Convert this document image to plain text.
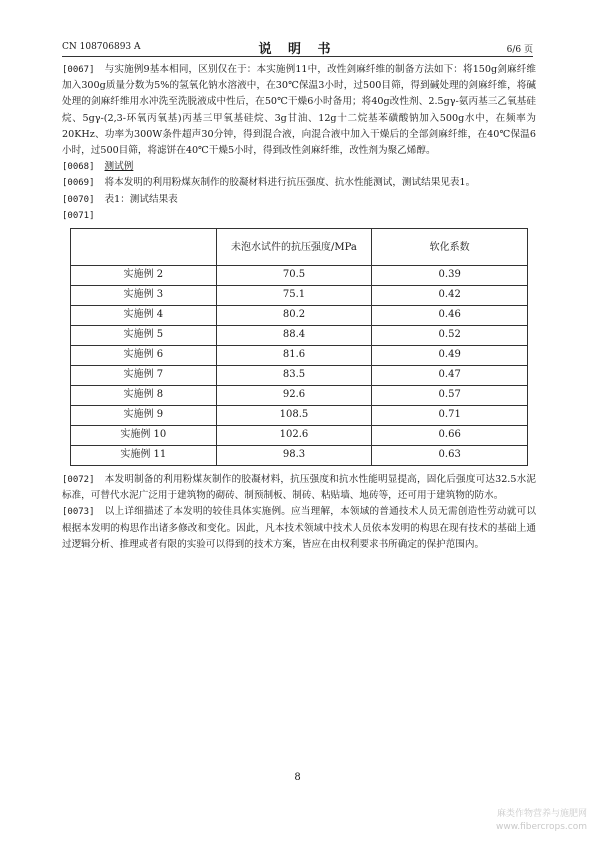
CN 108706893 A	说 明 书	6/6 页

[0067] 与实施例9基本相同，区别仅在于：本实施例11中，改性剑麻纤维的制备方法如下：将150g剑麻纤维加入300g质量分数为5%的氢氧化钠水溶液中，在30℃保温3小时，过500目筛，得到碱处理的剑麻纤维，将碱处理的剑麻纤维用水冲洗至洗脱液成中性后，在50℃干燥6小时备用；将40g改性剂、2.5gγ-氨丙基三乙氧基硅烷、5gγ-(2,3-环氧丙氧基)丙基三甲氧基硅烷、3g甘油、12g十二烷基苯磺酸钠加入500g水中，在频率为20KHz、功率为300W条件超声30分钟，得到混合液，向混合液中加入干燥后的全部剑麻纤维，在40℃保温6小时，过500目筛，将滤饼在40℃干燥5小时，得到改性剑麻纤维，改性剂为聚乙烯醇。

[0068] 测试例

[0069] 将本发明的利用粉煤灰制作的胶凝材料进行抗压强度、抗水性能测试，测试结果见表1。

[0070] 表1：测试结果表

[0071]

	未泡水试件的抗压强度/MPa	软化系数
实施例 2	70.5	0.39
实施例 3	75.1	0.42
实施例 4	80.2	0.46
实施例 5	88.4	0.52
实施例 6	81.6	0.49
实施例 7	83.5	0.47
实施例 8	92.6	0.57
实施例 9	108.5	0.71
实施例 10	102.6	0.66
实施例 11	98.3	0.63

[0072] 本发明制备的利用粉煤灰制作的胶凝材料，抗压强度和抗水性能明显提高，固化后强度可达32.5水泥标准，可替代水泥广泛用于建筑物的砌砖、制预制板、制砖、粘贴墙、地砖等，还可用于建筑物的防水。

[0073] 以上详细描述了本发明的较佳具体实施例。应当理解，本领域的普通技术人员无需创造性劳动就可以根据本发明的构思作出诸多修改和变化。因此，凡本技术领域中技术人员依本发明的构思在现有技术的基础上通过逻辑分析、推理或者有限的实验可以得到的技术方案，皆应在由权利要求书所确定的保护范围内。

8
麻类作物营养与施肥网
www.fibercrops.com
